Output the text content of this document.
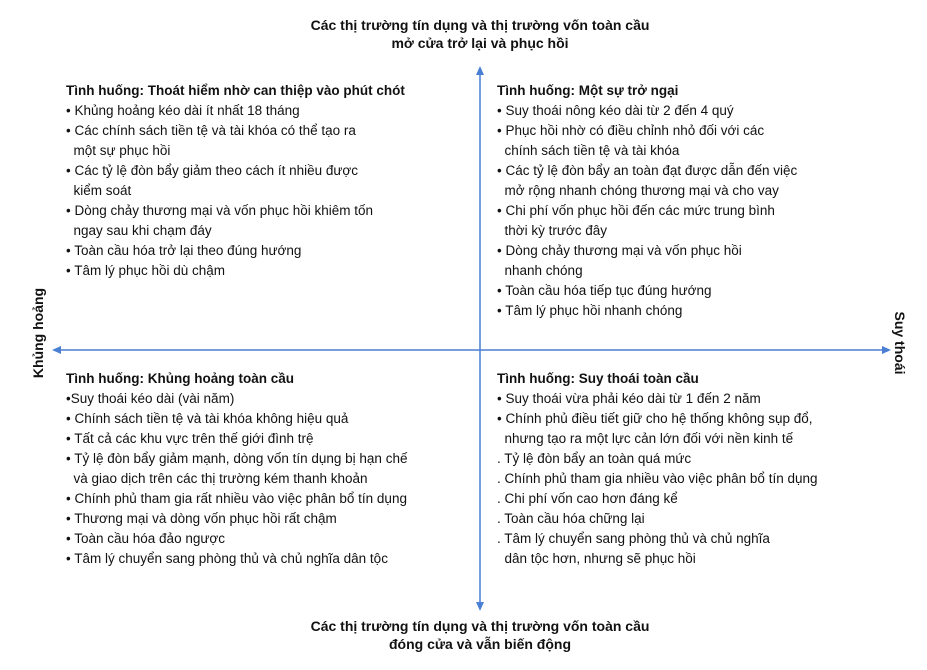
Các thị trường tín dụng và thị trường vốn toàn cầu
mở cửa trở lại và phục hồi
Các thị trường tín dụng và thị trường vốn toàn cầu
đóng cửa và vẫn biến động
Khủng hoảng	Suy thoái
Tình huống: Thoát hiểm nhờ can thiệp vào phút chót
• Khủng hoảng kéo dài ít nhất 18 tháng
• Các chính sách tiền tệ và tài khóa có thể tạo ra
một sự phục hồi
• Các tỷ lệ đòn bẩy giảm theo cách ít nhiều được
kiểm soát
• Dòng chảy thương mại và vốn phục hồi khiêm tốn
ngay sau khi chạm đáy
• Toàn cầu hóa trở lại theo đúng hướng
• Tâm lý phục hồi dù chậm
Tình huống: Một sự trở ngại
• Suy thoái nông kéo dài từ 2 đến 4 quý
• Phục hồi nhờ có điều chỉnh nhỏ đối với các
chính sách tiền tệ và tài khóa
• Các tỷ lệ đòn bẩy an toàn đạt được dẫn đến việc
mở rộng nhanh chóng thương mại và cho vay
• Chi phí vốn phục hồi đến các mức trung bình
thời kỳ trước đây
• Dòng chảy thương mại và vốn phục hồi
nhanh chóng
• Toàn cầu hóa tiếp tục đúng hướng
• Tâm lý phục hồi nhanh chóng
Tình huống: Khủng hoảng toàn cầu
•Suy thoái kéo dài (vài năm)
• Chính sách tiền tệ và tài khóa không hiệu quả
• Tất cả các khu vực trên thế giới đình trệ
• Tỷ lệ đòn bẩy giảm mạnh, dòng vốn tín dụng bị hạn chế
và giao dịch trên các thị trường kém thanh khoản
• Chính phủ tham gia rất nhiều vào việc phân bổ tín dụng
• Thương mại và dòng vốn phục hồi rất chậm
• Toàn cầu hóa đảo ngược
• Tâm lý chuyển sang phòng thủ và chủ nghĩa dân tộc
Tình huống: Suy thoái toàn cầu
• Suy thoái vừa phải kéo dài từ 1 đến 2 năm
• Chính phủ điều tiết giữ cho hệ thống không sụp đổ,
nhưng tạo ra một lực cản lớn đối với nền kinh tế
. Tỷ lệ đòn bẩy an toàn quá mức
. Chính phủ tham gia nhiều vào việc phân bổ tín dụng
. Chi phí vốn cao hơn đáng kể
. Toàn cầu hóa chững lại
. Tâm lý chuyển sang phòng thủ và chủ nghĩa
dân tộc hơn, nhưng sẽ phục hồi
